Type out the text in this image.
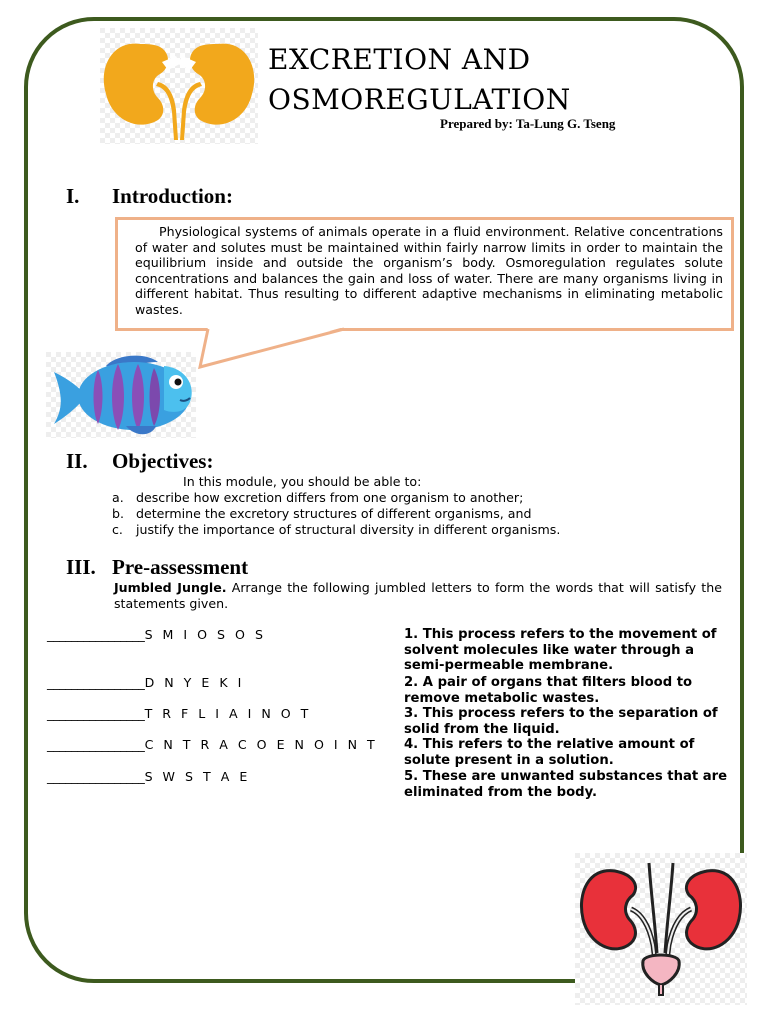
EXCRETION AND
OSMOREGULATION
Prepared by: Ta-Lung G. Tseng
I. Introduction:

Physiological systems of animals operate in a fluid environment. Relative concentrations of water and solutes must be maintained within fairly narrow limits in order to maintain the equilibrium inside and outside the organism’s body. Osmoregulation regulates solute concentrations and balances the gain and loss of water. There are many organisms living in different habitat. Thus resulting to different adaptive mechanisms in eliminating metabolic wastes.

II. Objectives:
In this module, you should be able to:
a. describe how excretion differs from one organism to another;
b. determine the excretory structures of different organisms, and
c. justify the importance of structural diversity in different organisms.
III. Pre-assessment

Jumbled Jungle. Arrange the following jumbled letters to form the words that will satisfy the statements given.

________________S M I O S O S
________________D N Y E K I
________________T R F L I A I N O T
________________C N T R A C O E N O I N T
________________S W S T A E

1. This process refers to the movement of solvent molecules like water through a semi-permeable membrane.

2. A pair of organs that filters blood to remove metabolic wastes.

3. This process refers to the separation of solid from the liquid.

4. This refers to the relative amount of solute present in a solution.

5. These are unwanted substances that are eliminated from the body.
